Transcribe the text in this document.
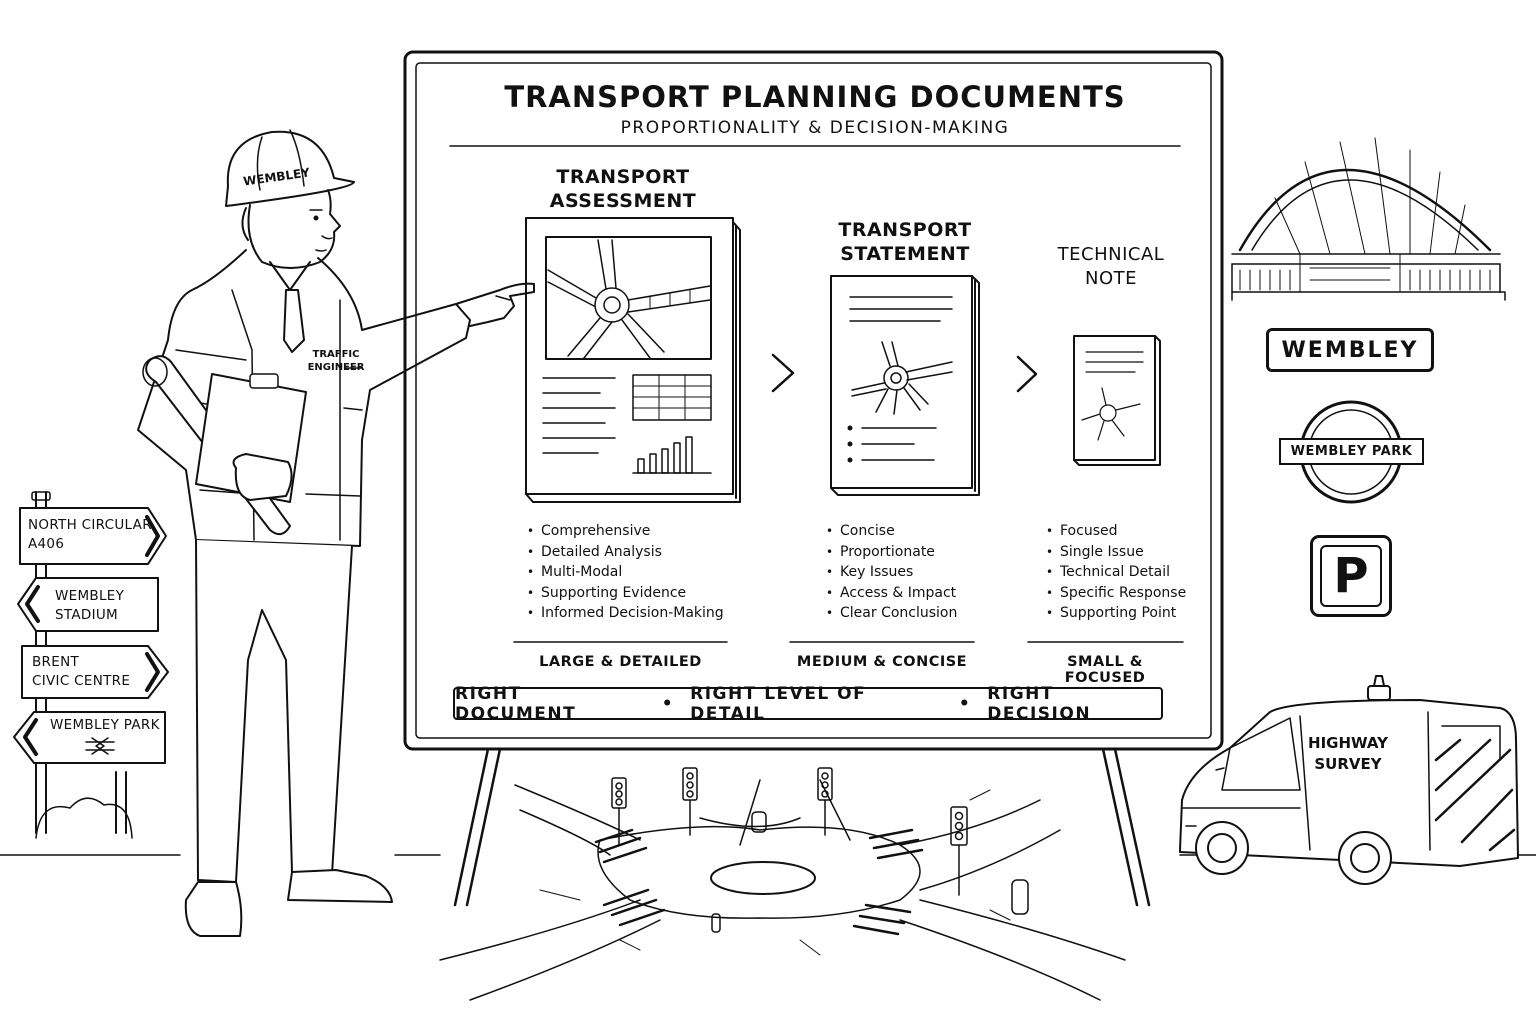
TRANSPORT PLANNING DOCUMENTS
PROPORTIONALITY & DECISION-MAKING
TRANSPORT
ASSESSMENT
TRANSPORT
STATEMENT	TECHNICAL
NOTE
• Comprehensive
• Detailed Analysis
• Multi-Modal
• Supporting Evidence
• Informed Decision-Making
• Concise
• Proportionate
• Key Issues
• Access & Impact
• Clear Conclusion
• Focused
• Single Issue
• Technical Detail
• Specific Response
• Supporting Point
LARGE & DETAILED	MEDIUM & CONCISE	SMALL & FOCUSED
RIGHT DOCUMENT	• RIGHT LEVEL OF DETAIL	• RIGHT DECISION
WEMBLEY
TRAFFIC
ENGINEER
NORTH CIRCULAR
A406
WEMBLEY
STADIUM
BRENT
CIVIC CENTRE
WEMBLEY PARK
WEMBLEY
WEMBLEY PARK
P
HIGHWAY
SURVEY
